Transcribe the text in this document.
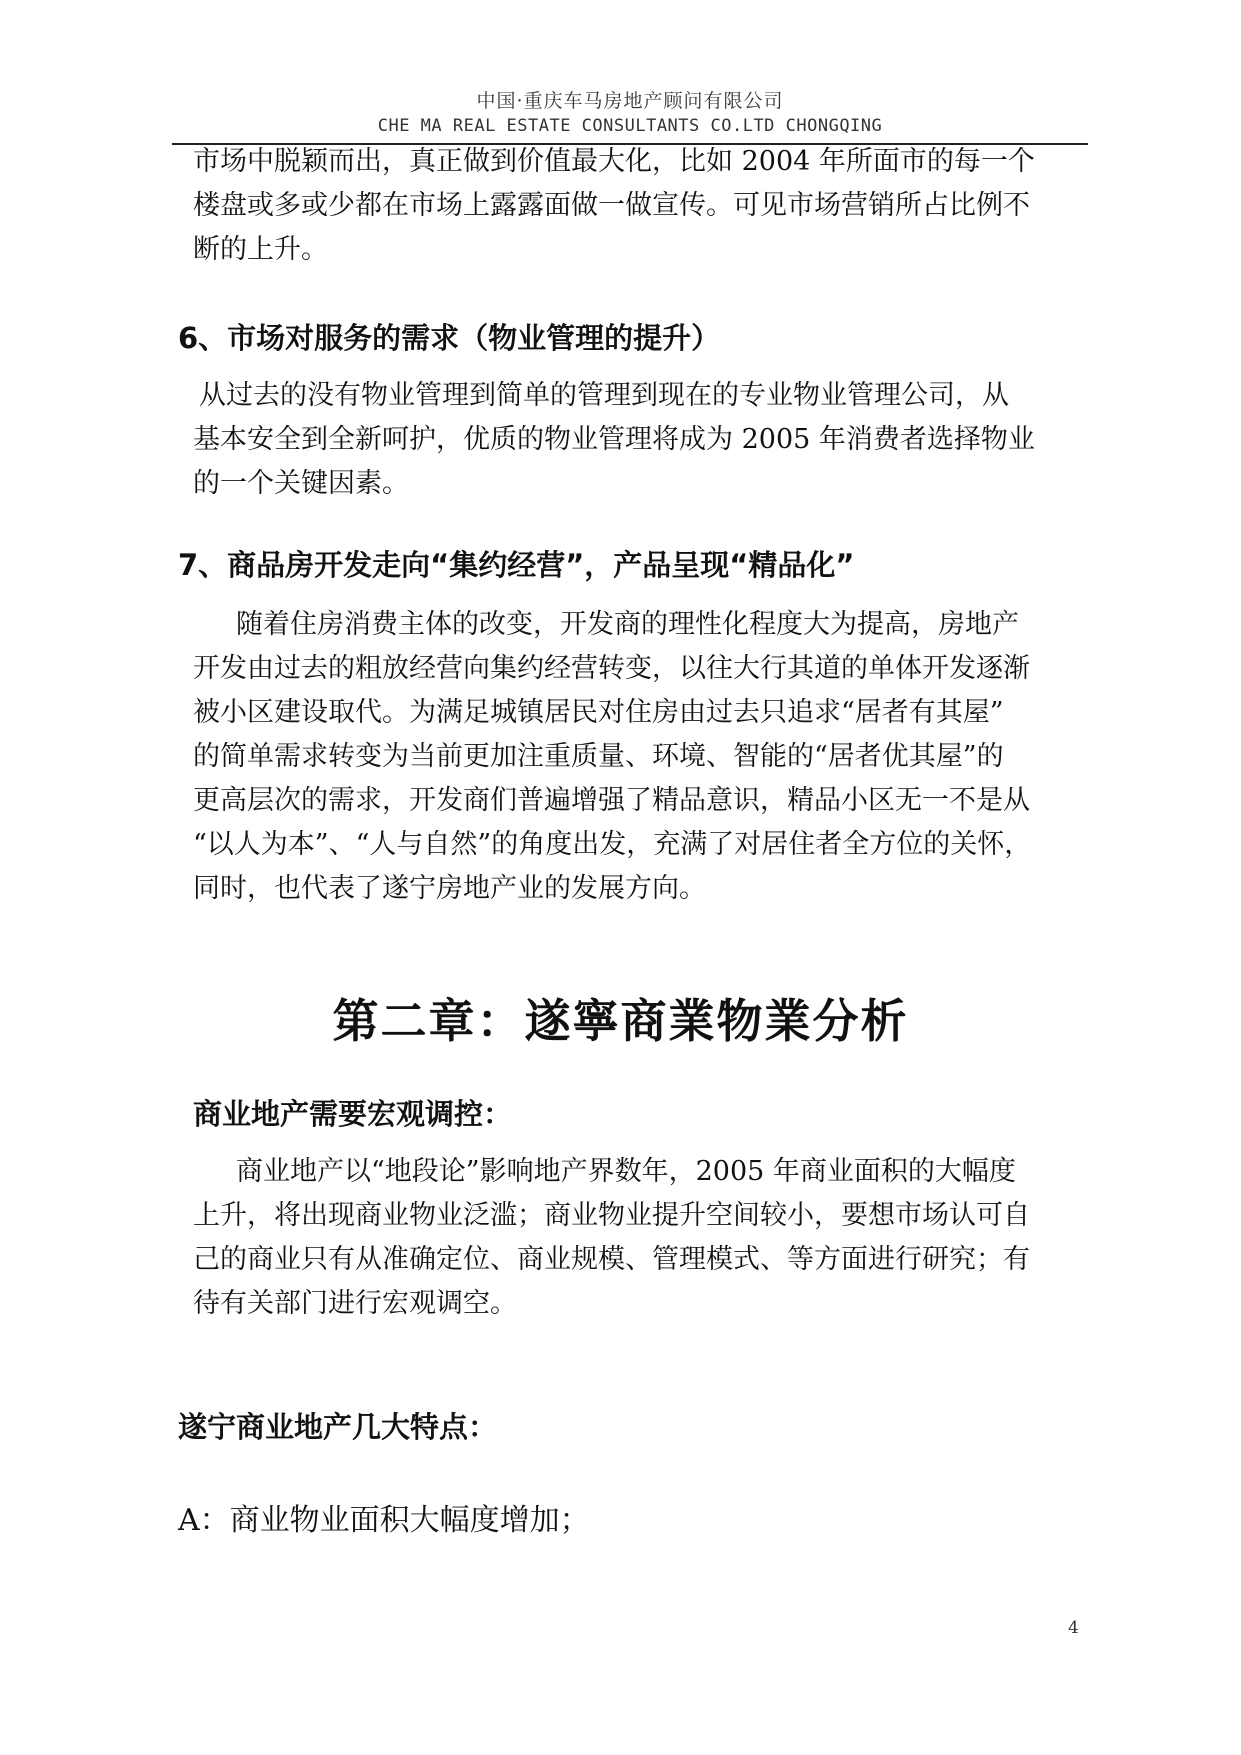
中国·重庆车马房地产顾问有限公司
CHE MA REAL ESTATE CONSULTANTS CO.LTD CHONGQING

市场中脱颖而出，真正做到价值最大化，比如 2004 年所面市的每一个
楼盘或多或少都在市场上露露面做一做宣传。可见市场营销所占比例不
断的上升。

6、市场对服务的需求（物业管理的提升）

从过去的没有物业管理到简单的管理到现在的专业物业管理公司，从
基本安全到全新呵护，优质的物业管理将成为 2005 年消费者选择物业
的一个关键因素。

7、商品房开发走向“集约经营”，产品呈现“精品化”

随着住房消费主体的改变，开发商的理性化程度大为提高，房地产
开发由过去的粗放经营向集约经营转变，以往大行其道的单体开发逐渐
被小区建设取代。为满足城镇居民对住房由过去只追求“居者有其屋”
的简单需求转变为当前更加注重质量、环境、智能的“居者优其屋”的
更高层次的需求，开发商们普遍增强了精品意识，精品小区无一不是从
“以人为本”、“人与自然”的角度出发，充满了对居住者全方位的关怀，
同时，也代表了遂宁房地产业的发展方向。

第二章：遂寧商業物業分析
商业地产需要宏观调控：

商业地产以“地段论”影响地产界数年，2005 年商业面积的大幅度
上升，将出现商业物业泛滥；商业物业提升空间较小，要想市场认可自
己的商业只有从准确定位、商业规模、管理模式、等方面进行研究；有
待有关部门进行宏观调空。

遂宁商业地产几大特点：

A：商业物业面积大幅度增加；

4
